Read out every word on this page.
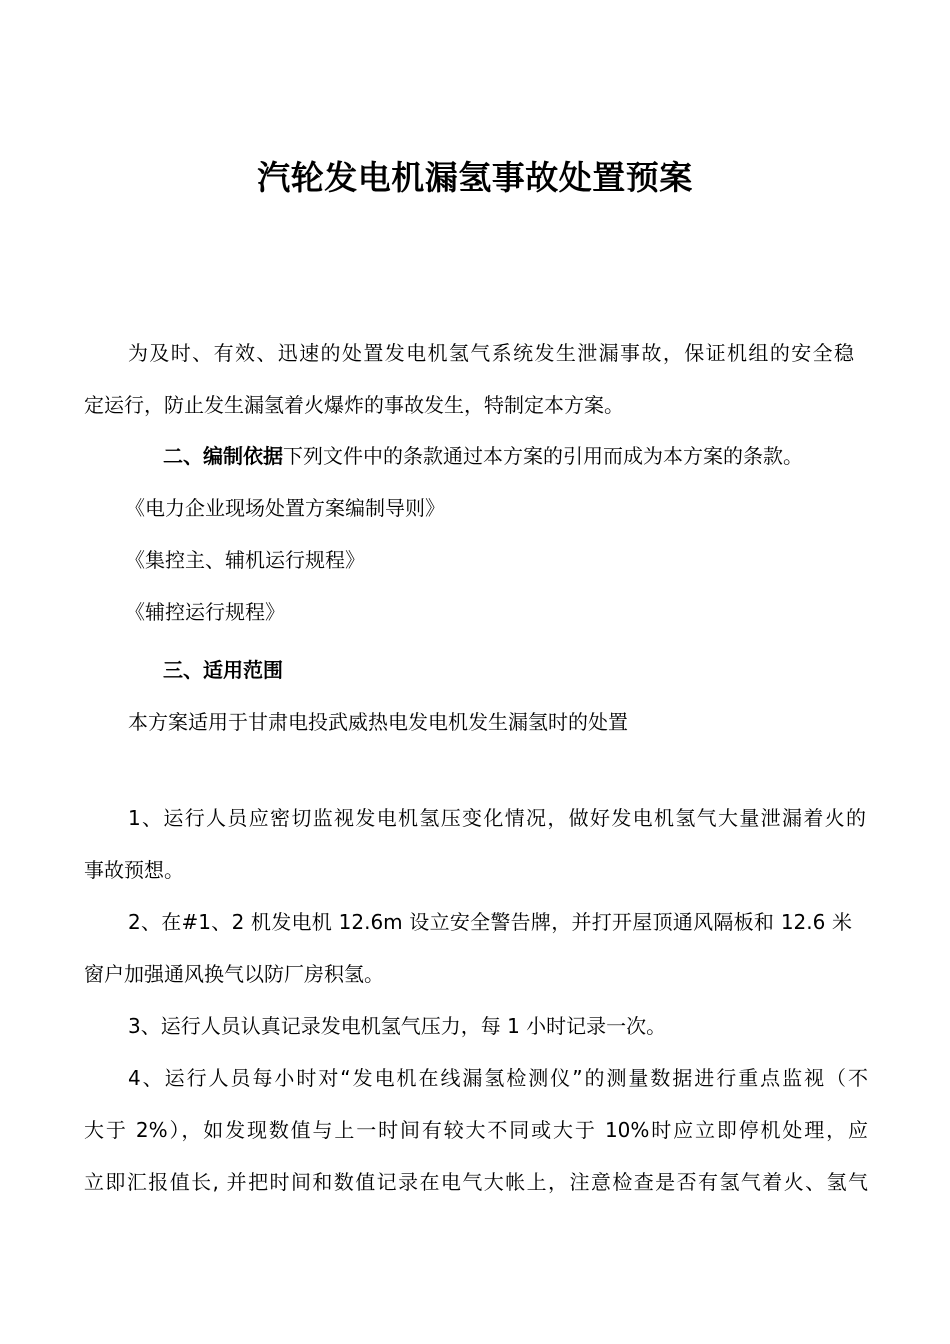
汽轮发电机漏氢事故处置预案
为及时、有效、迅速的处置发电机氢气系统发生泄漏事故，保证机组的安全稳
定运行，防止发生漏氢着火爆炸的事故发生，特制定本方案。
二、编制依据下列文件中的条款通过本方案的引用而成为本方案的条款。
《电力企业现场处置方案编制导则》
《集控主、辅机运行规程》
《辅控运行规程》
三、适用范围
本方案适用于甘肃电投武威热电发电机发生漏氢时的处置
1、运行人员应密切监视发电机氢压变化情况，做好发电机氢气大量泄漏着火的
事故预想。
2、在#1、2 机发电机 12.6m 设立安全警告牌，并打开屋顶通风隔板和 12.6 米
窗户加强通风换气以防厂房积氢。
3、运行人员认真记录发电机氢气压力，每 1 小时记录一次。
4、运行人员每小时对“发电机在线漏氢检测仪”的测量数据进行重点监视（不
大于 2%），如发现数值与上一时间有较大不同或大于 10%时应立即停机处理，应
立即汇报值长, 并把时间和数值记录在电气大帐上，注意检查是否有氢气着火、氢气
